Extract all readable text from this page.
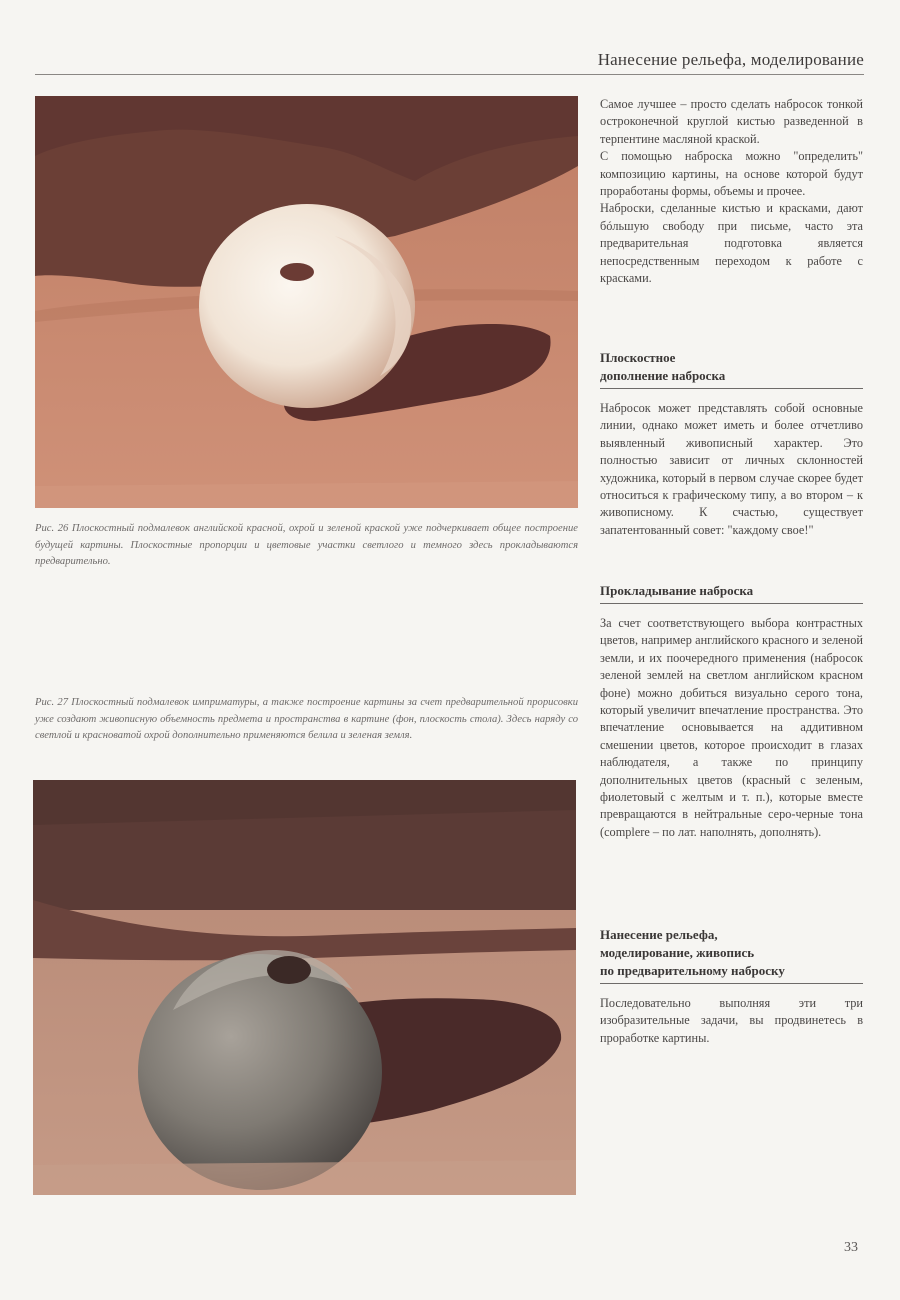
Нанесение рельефа, моделирование
Рис. 26 Плоскостный подмалевок английской красной, охрой и зеленой краской уже подчеркивает общее построение будущей картины. Плоскостные пропорции и цветовые участки светлого и темного здесь прокладываются предварительно.
Рис. 27 Плоскостный подмалевок имприматуры, а также построение картины за счет предварительной прорисовки уже создают живописную объемность предмета и пространства в картине (фон, плоскость стола). Здесь наряду со светлой и красноватой охрой дополнительно применяются белила и зеленая земля.

Самое лучшее – просто сделать набросок тонкой остроконечной круглой кистью разведенной в терпентине масляной краской.

С помощью наброска можно "определить" композицию картины, на основе которой будут проработаны формы, объемы и прочее.

Наброски, сделанные кистью и красками, дают бóльшую свободу при письме, часто эта предварительная подготовка является непосредственным переходом к работе с красками.

Плоскостное
дополнение наброска

Набросок может представлять собой основные линии, однако может иметь и более отчетливо выявленный живописный характер. Это полностью зависит от личных склонностей художника, который в первом случае скорее будет относиться к графическому типу, а во втором – к живописному. К счастью, существует запатентованный совет: "каждому свое!"

Прокладывание наброска

За счет соответствующего выбора контрастных цветов, например английского красного и зеленой земли, и их поочередного применения (набросок зеленой землей на светлом английском красном фоне) можно добиться визуально серого тона, который увеличит впечатление пространства. Это впечатление основывается на аддитивном смешении цветов, которое происходит в глазах наблюдателя, а также по принципу дополнительных цветов (красный с зеленым, фиолетовый с желтым и т. п.), которые вместе превращаются в нейтральные серо-черные тона (complere – по лат. наполнять, дополнять).

Нанесение рельефа,
моделирование, живопись
по предварительному наброску

Последовательно выполняя эти три изобразительные задачи, вы продвинетесь в проработке картины.

33
